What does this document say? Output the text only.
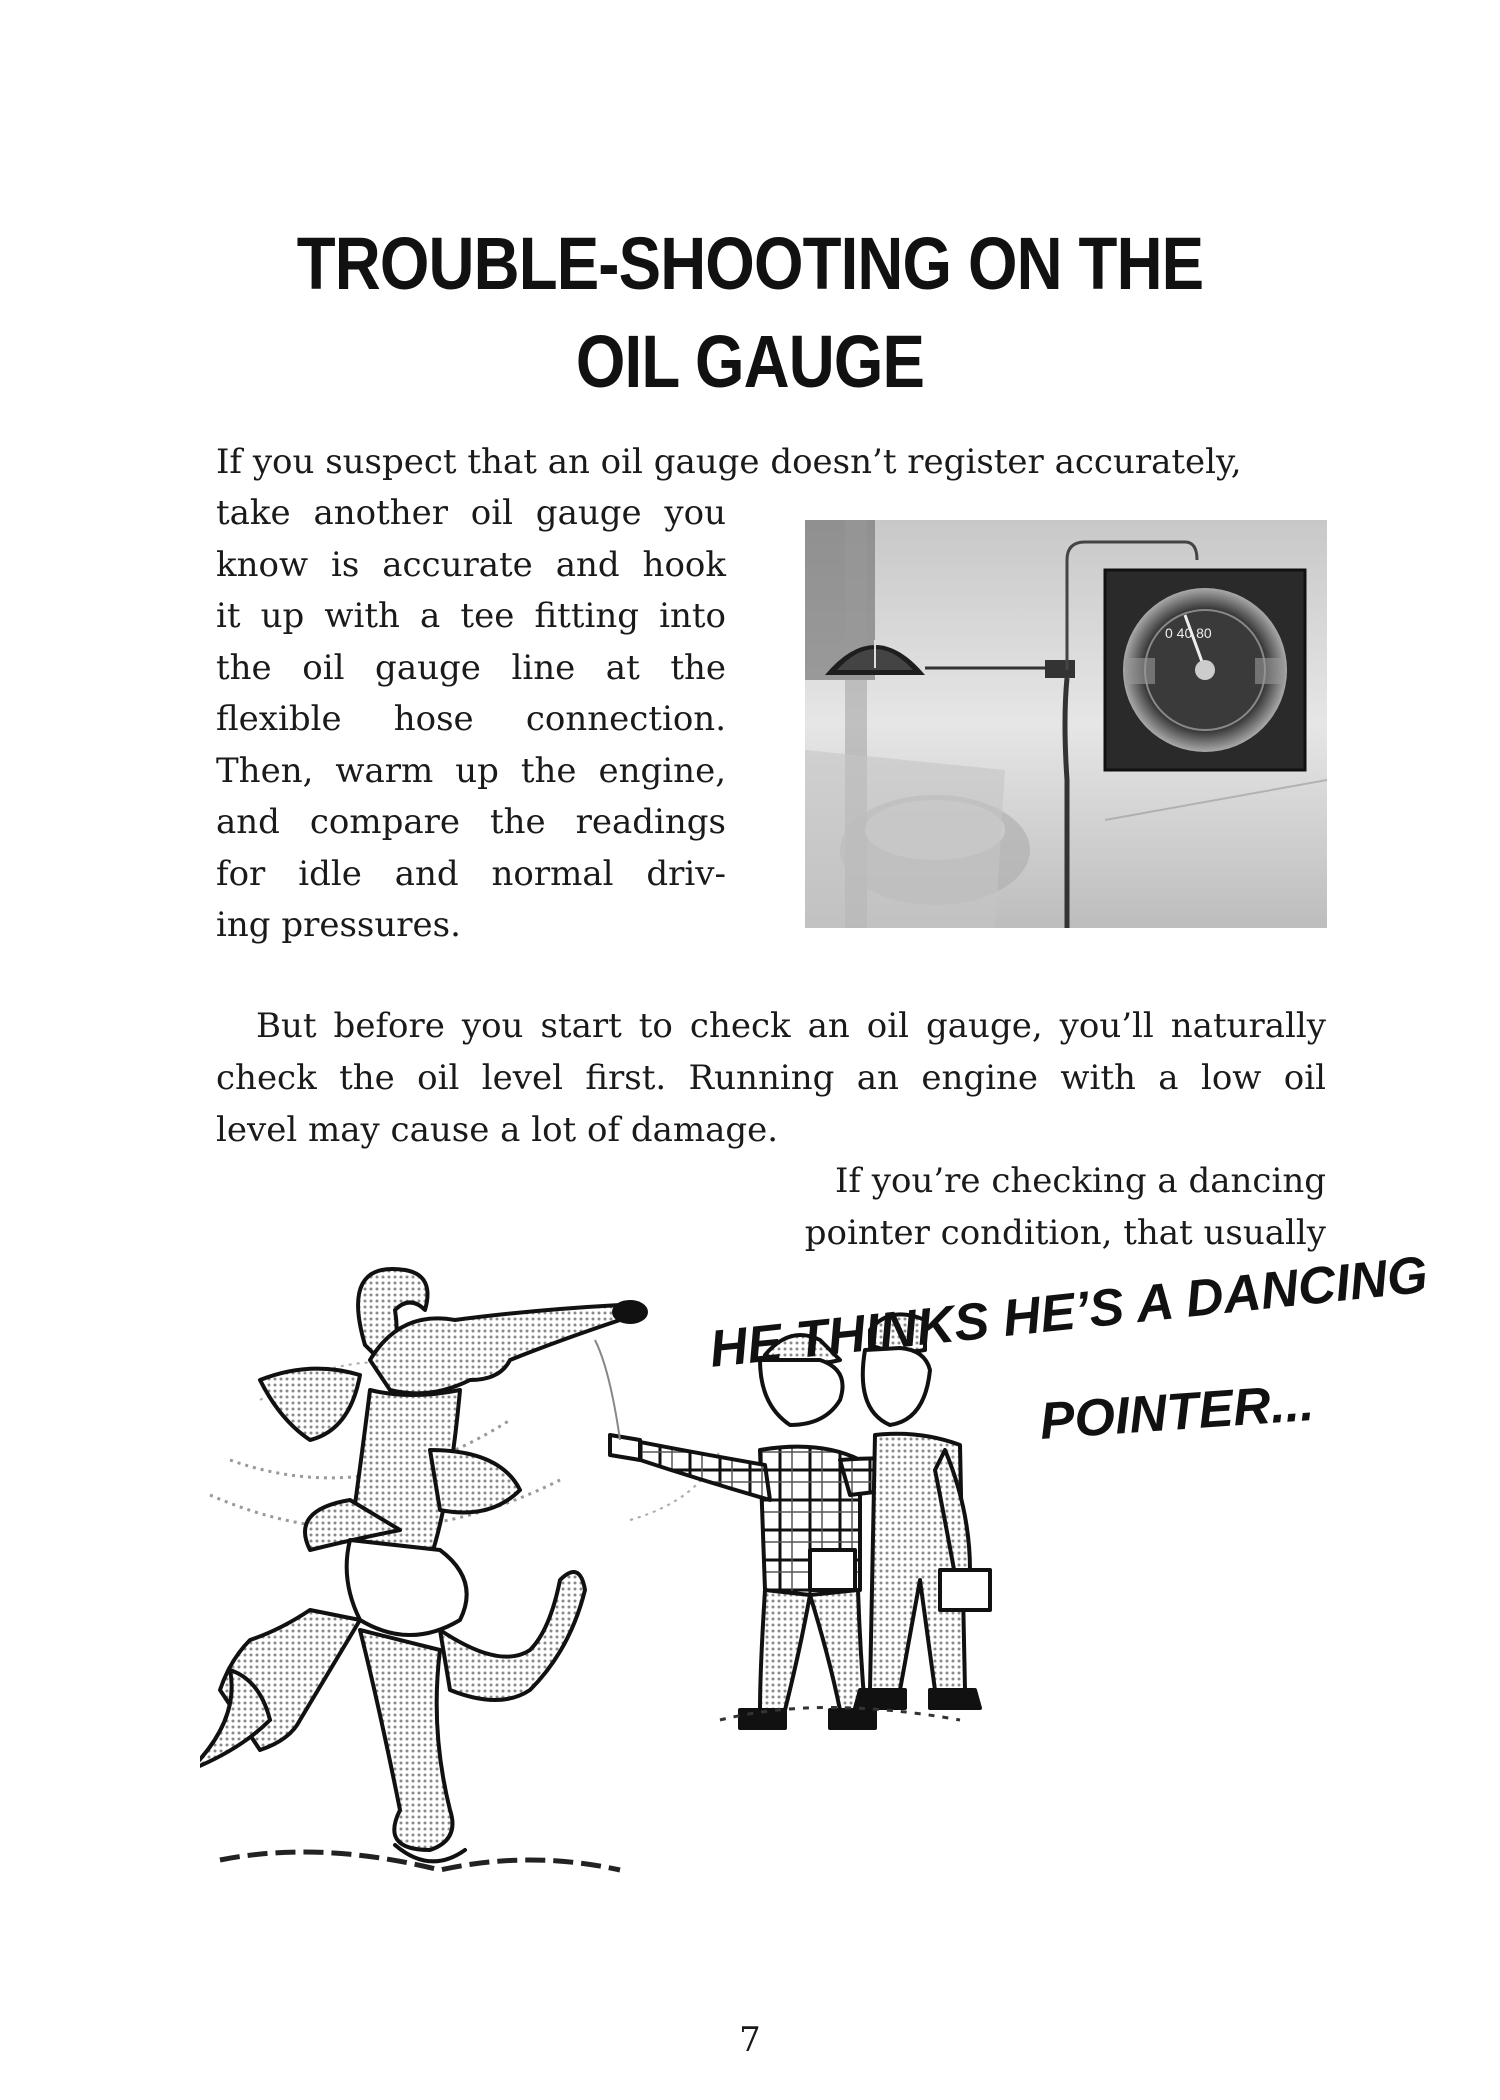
TROUBLE-SHOOTING ON THE
OIL GAUGE

If you suspect that an oil gauge doesn’t register accurately,

take another oil gauge you
know is accurate and hook
it up with a tee fitting into
the oil gauge line at the
flexible hose connection.
Then, warm up the engine,
and compare the readings
for idle and normal driv-
ing pressures.

0 40 80

But before you start to check an oil gauge, you’ll naturally
check the oil level first. Running an engine with a low oil
level may cause a lot of damage.

If you’re checking a dancing
pointer condition, that usually

HE THINKS HE’S A DANCING
POINTER...

7
